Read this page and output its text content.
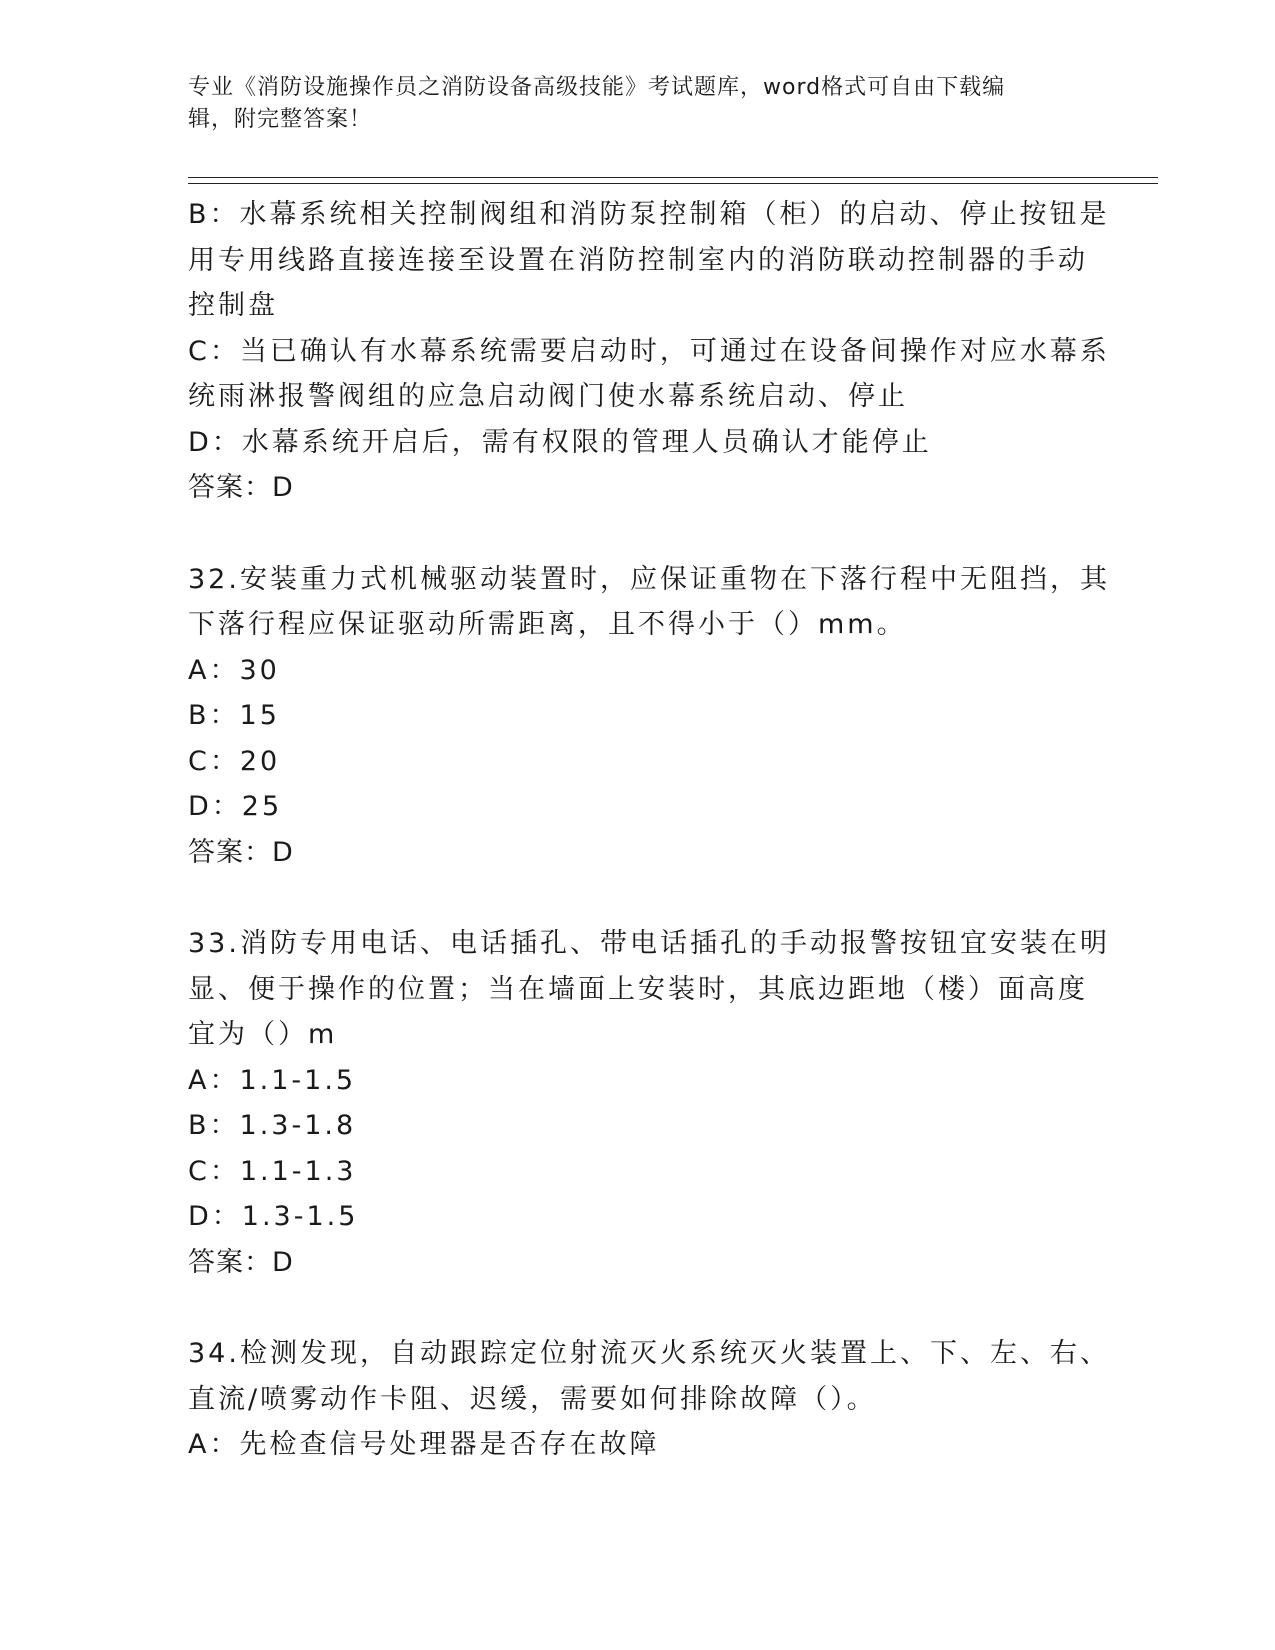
专业《消防设施操作员之消防设备高级技能》考试题库，word格式可自由下载编
辑，附完整答案！
B：水幕系统相关控制阀组和消防泵控制箱（柜）的启动、停止按钮是
用专用线路直接连接至设置在消防控制室内的消防联动控制器的手动
控制盘
C：当已确认有水幕系统需要启动时，可通过在设备间操作对应水幕系
统雨淋报警阀组的应急启动阀门使水幕系统启动、停止
D：水幕系统开启后，需有权限的管理人员确认才能停止
答案：D
32.安装重力式机械驱动装置时，应保证重物在下落行程中无阻挡，其
下落行程应保证驱动所需距离，且不得小于（）mm。
A：30
B：15
C：20
D：25
答案：D
33.消防专用电话、电话插孔、带电话插孔的手动报警按钮宜安装在明
显、便于操作的位置；当在墙面上安装时，其底边距地（楼）面高度
宜为（）m
A：1.1-1.5
B：1.3-1.8
C：1.1-1.3
D：1.3-1.5
答案：D
34.检测发现，自动跟踪定位射流灭火系统灭火装置上、下、左、右、
直流/喷雾动作卡阻、迟缓，需要如何排除故障（）。
A：先检查信号处理器是否存在故障
